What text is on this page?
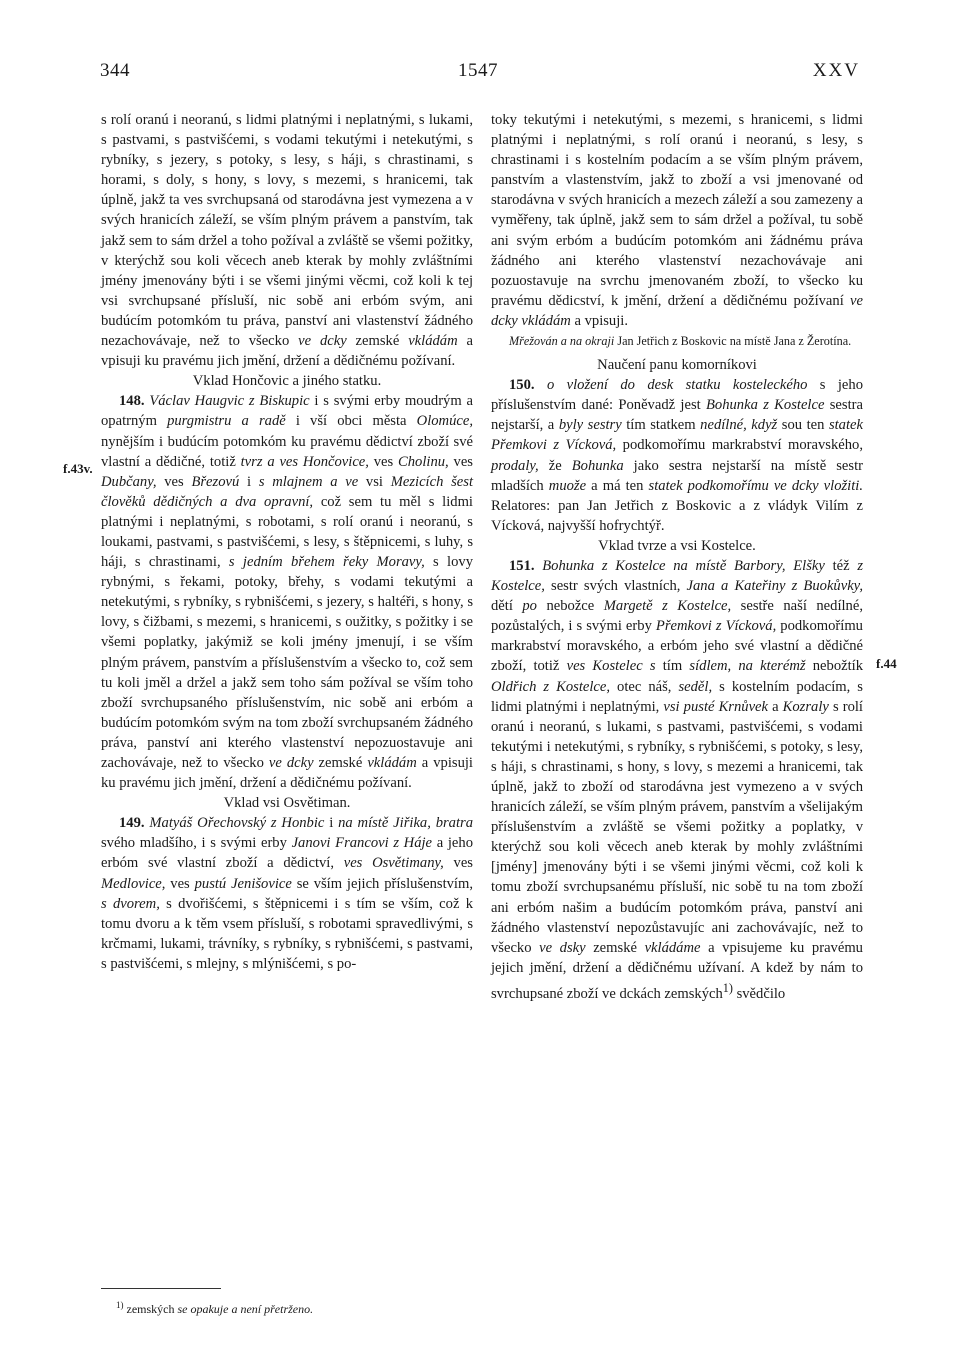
344	1547	XXV
f.43v.
f.44

s rolí oranú i neoranú, s lidmi platnými i neplatnými, s lukami, s pastvami, s pastvišćemi, s vodami tekutými i netekutými, s rybníky, s jezery, s potoky, s lesy, s háji, s chrastinami, s horami, s doly, s hony, s lovy, s mezemi, s hranicemi, tak úplně, jakž ta ves svrchupsaná od starodávna jest vymezena a v svých hranicích záleží, se vším plným právem a panstvím, tak jakž sem to sám držel a toho požíval a zvláště se všemi požitky, v kterýchž sou koli věcech aneb kterak by mohly zvláštními jmény jmenovány býti i se všemi jinými věcmi, což koli k tej vsi svrchupsané přísluší, nic sobě ani erbóm svým, ani budúcím potomkóm tu práva, panství ani vlastenství žádného nezachovávaje, než to všecko ve dcky zemské vkládám a vpisuji ku pravému jich jmění, držení a dědičnému požívaní.

Vklad Hončovic a jiného statku.

148. Václav Haugvic z Biskupic i s svými erby moudrým a opatrným purgmistru a radě i vší obci města Olomúce, nynějším i budúcím potomkóm ku pravému dědictví zboží své vlastní a dědičné, totiž tvrz a ves Hončovice, ves Cholinu, ves Dubčany, ves Březovú i s mlajnem a ve vsi Mezicích šest člověků dědičných a dva opravní, což sem tu měl s lidmi platnými i neplatnými, s robotami, s rolí oranú i neoranú, s loukami, pastvami, s pastvišćemi, s lesy, s štěpnicemi, s luhy, s háji, s chrastinami, s jedním břehem řeky Moravy, s lovy rybnými, s řekami, potoky, břehy, s vodami tekutými a netekutými, s rybníky, s rybnišćemi, s jezery, s haltéři, s hony, s lovy, s čižbami, s mezemi, s hranicemi, s oužitky, s požitky i se všemi poplatky, jakýmiž se koli jmény jmenují, i se vším plným právem, panstvím a příslušenstvím a všecko to, což sem tu koli jměl a držel a jakž sem toho sám požíval se vším toho zboží svrchupsaného příslušenstvím, nic sobě ani erbóm a budúcím potomkóm svým na tom zboží svrchupsaném žádného práva, panství ani kterého vlastenství nepozuostavuje ani zachovávaje, než to všecko ve dcky zemské vkládám a vpisuji ku pravému jich jmění, držení a dědičnému požívaní.

Vklad vsi Osvětiman.

149. Matyáš Ořechovský z Honbic i na místě Jiřika, bratra svého mladšího, i s svými erby Janovi Francovi z Háje a jeho erbóm své vlastní zboží a dědictví, ves Osvětimany, ves Medlovice, ves pustú Jenišovice se vším jejich příslušenstvím, s dvorem, s dvořišćemi, s štěpnicemi i s tím se vším, což k tomu dvoru a k těm vsem přísluší, s robotami spravedlivými, s krčmami, lukami, trávníky, s rybníky, s rybnišćemi, s pastvami, s pastvišćemi, s mlejny, s mlýnišćemi, s po-

toky tekutými i netekutými, s mezemi, s hranicemi, s lidmi platnými i neplatnými, s rolí oranú i neoranú, s lesy, s chrastinami i s kostelním podacím a se vším plným právem, panstvím a vlastenstvím, jakž to zboží a vsi jmenované od starodávna v svých hranicích a mezech záleží a sou zamezeny a vyměřeny, tak úplně, jakž sem to sám držel a požíval, tu sobě ani svým erbóm a budúcím potomkóm ani žádnému práva žádného ani kterého vlastenství nezachovávaje ani pozuostavuje na svrchu jmenovaném zboží, to všecko ku pravému dědicství, k jmění, držení a dědičnému požívaní ve dcky vkládám a vpisuji.

Mřežován a na okraji Jan Jetřich z Boskovic na místě Jana z Žerotína.

Naučení panu komorníkovi

150. o vložení do desk statku kosteleckého s jeho příslušenstvím dané: Poněvadž jest Bohunka z Kostelce sestra nejstarší, a byly sestry tím statkem nedílné, když sou ten statek Přemkovi z Vícková, podkomořímu markrabství moravského, prodaly, že Bohunka jako sestra nejstarší na místě sestr mladších muože a má ten statek podkomořímu ve dcky vložiti. Relatores: pan Jan Jetřich z Boskovic a z vládyk Vilím z Vícková, najvyšší hofrychtýř.

Vklad tvrze a vsi Kostelce.

151. Bohunka z Kostelce na místě Barbory, Elšky též z Kostelce, sestr svých vlastních, Jana a Kateřiny z Buokůvky, dětí po nebožce Margetě z Kostelce, sestře naší nedílné, pozůstalých, i s svými erby Přemkovi z Vícková, podkomořímu markrabství moravského, a erbóm jeho své vlastní a dědičné zboží, totiž ves Kostelec s tím sídlem, na kterémž nebožtík Oldřich z Kostelce, otec náš, seděl, s kostelním podacím, s lidmi platnými i neplatnými, vsi pusté Krnůvek a Kozraly s rolí oranú i neoranú, s lukami, s pastvami, pastvišćemi, s vodami tekutými i netekutými, s rybníky, s rybnišćemi, s potoky, s lesy, s háji, s chrastinami, s hony, s lovy, s mezemi a hranicemi, tak úplně, jakž to zboží od starodávna jest vymezeno a v svých hranicích záleží, se vším plným právem, panstvím a všelijakým příslušenstvím a zvláště se všemi požitky a poplatky, v kterýchž sou koli věcech aneb kterak by mohly zvláštními [jmény] jmenovány býti i se všemi jinými věcmi, což koli k tomu zboží svrchupsanému přísluší, nic sobě tu na tom zboží ani erbóm našim a budúcím potomkóm práva, panství ani žádného vlastenství nepozůstavujíc ani zachovávajíc, než to všecko ve dsky zemské vkládáme a vpisujeme ku pravému jejich jmění, držení a dědičnému užívaní. A kdež by nám to svrchupsané zboží ve dckách zemských$^{1)}$ svědčilo

$^{1)}$ zemských se opakuje a není přetrženo.
